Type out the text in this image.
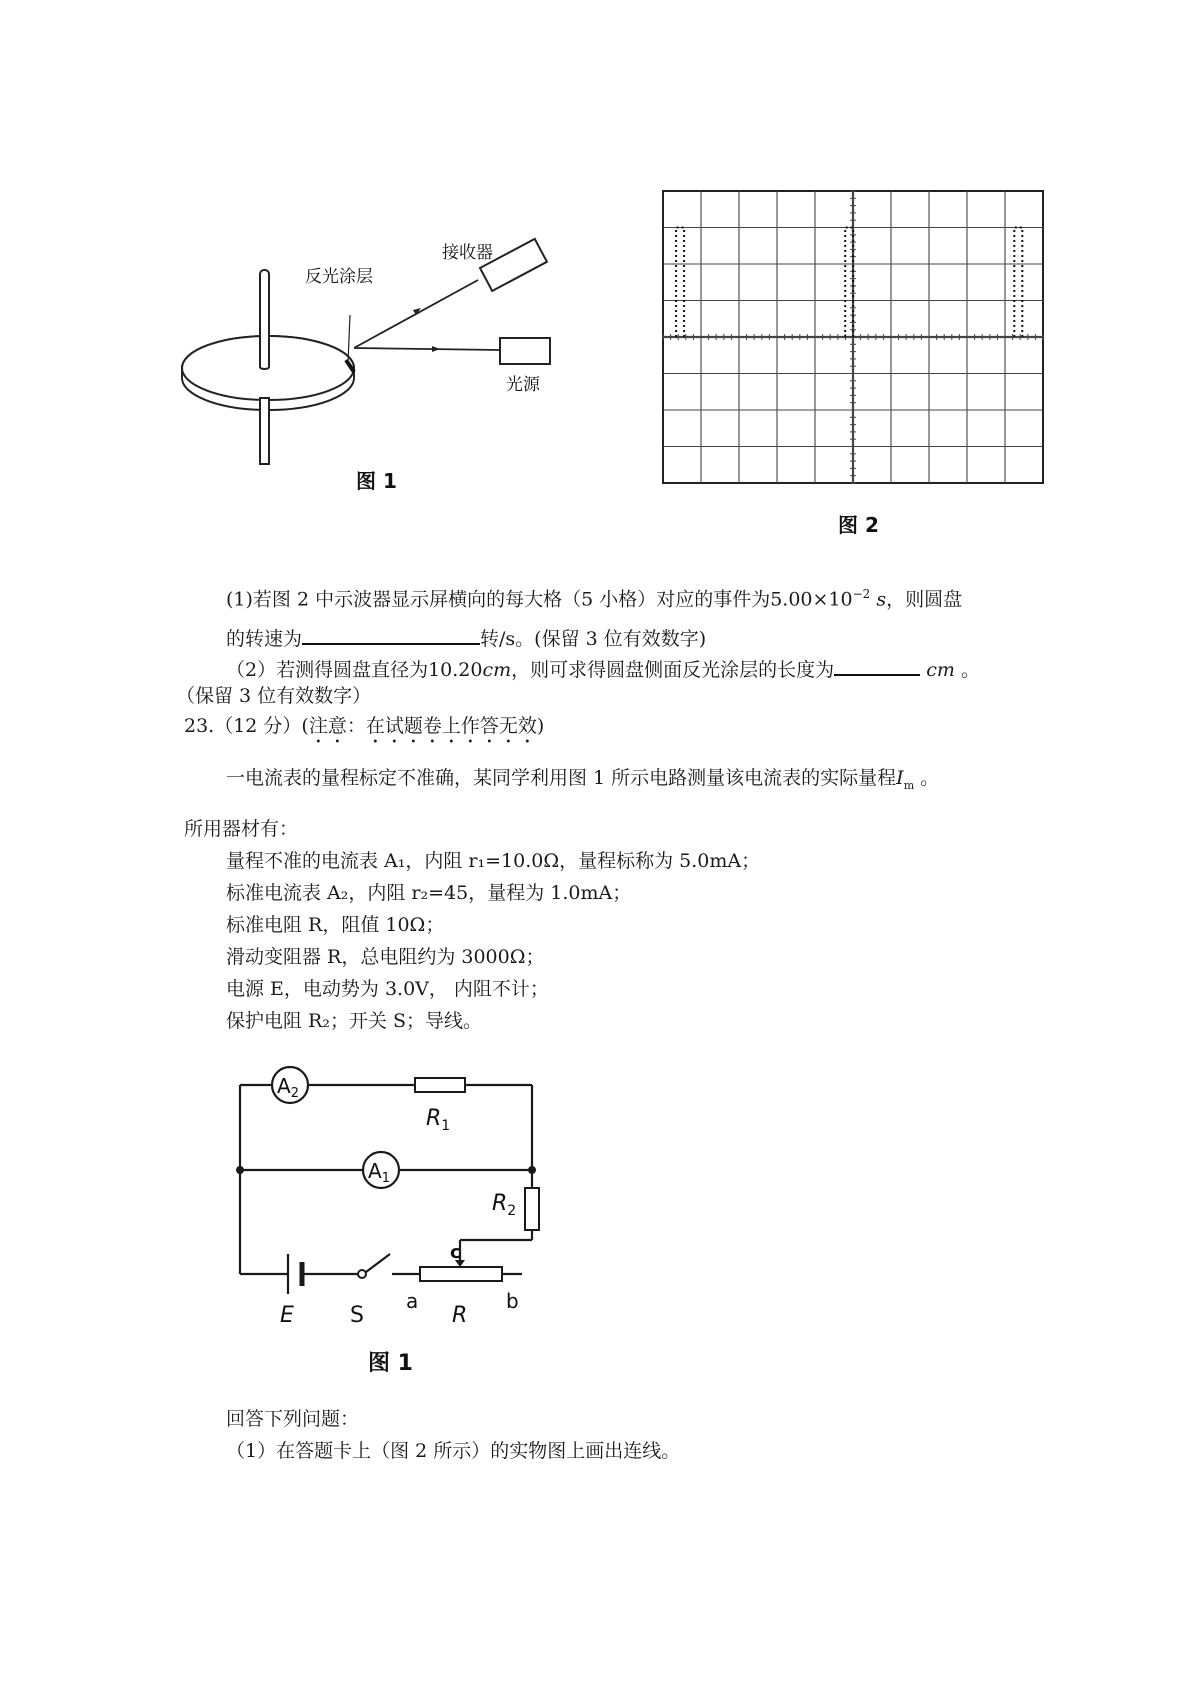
反光涂层
接收器
光源
图 1
图 2
(1)若图 2 中示波器显示屏横向的每大格（5 小格）对应的事件为$5.00\times 10^{-2}$ s，则圆盘
的转速为	转/s。(保留 3 位有效数字)
（2）若测得圆盘直径为10.20cm，则可求得圆盘侧面反光涂层的长度为	cm 。
（保留 3 位有效数字）
23.（12 分）(注意：在试题卷上作答无效)
一电流表的量程标定不准确，某同学利用图 1 所示电路测量该电流表的实际量程$I_m$ 。
所用器材有：
量程不准的电流表 A₁，内阻 r₁=10.0Ω，量程标称为 5.0mA；
标准电流表 A₂，内阻 r₂=45，量程为 1.0mA；
标准电阻 R，阻值 10Ω；
滑动变阻器 R，总电阻约为 3000Ω；
电源 E，电动势为 3.0V， 内阻不计；
保护电阻 R₂；开关 S；导线。
$A_2$
$R_1$
$A_1$
$R_2$
E	S
c
a
R
b
图 1
回答下列问题：
（1）在答题卡上（图 2 所示）的实物图上画出连线。
